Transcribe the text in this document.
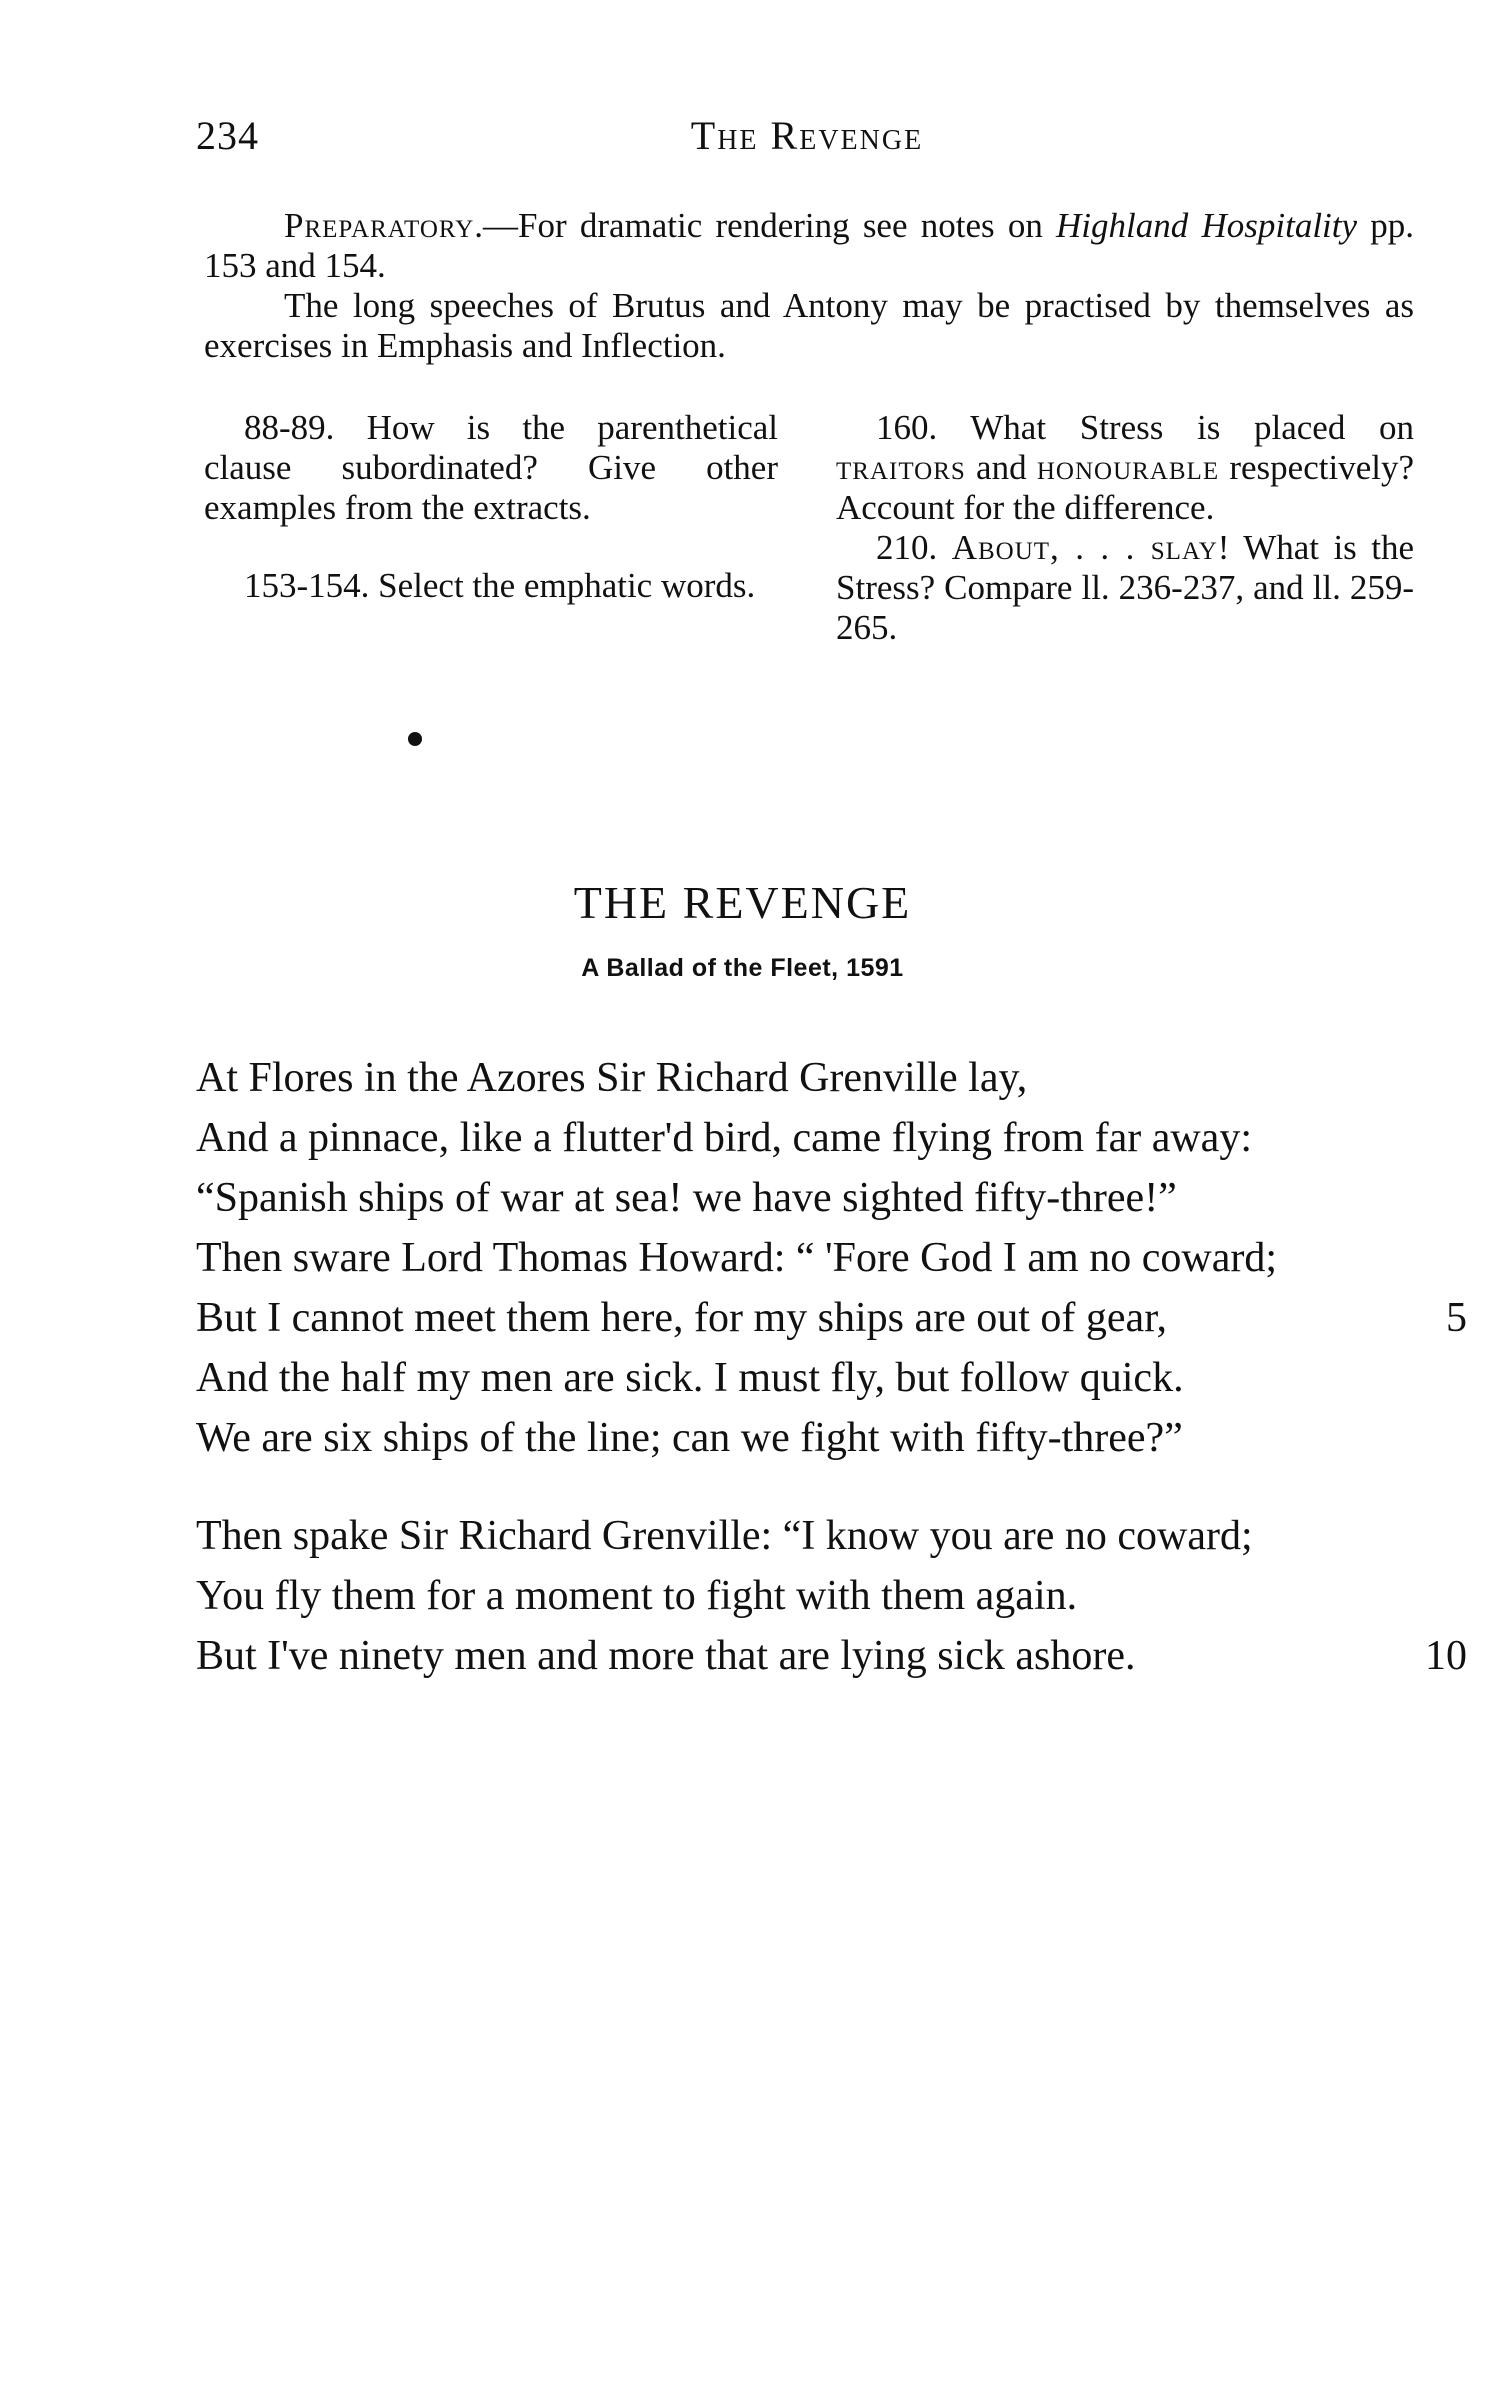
234	The Revenge

Preparatory.—For dramatic rendering see notes on Highland Hospitality pp. 153 and 154.

The long speeches of Brutus and Antony may be practised by themselves as exercises in Emphasis and Inflection.

88-89. How is the parenthetical clause subordinated? Give other examples from the extracts.

153-154. Select the emphatic words.

160. What Stress is placed on traitors and honourable respectively? Account for the difference.

210. About, . . . slay! What is the Stress? Compare ll. 236-237, and ll. 259-265.

THE REVENGE
A Ballad of the Fleet, 1591
At Flores in the Azores Sir Richard Grenville lay,
And a pinnace, like a flutter'd bird, came flying from far away:
“Spanish ships of war at sea! we have sighted fifty-three!”
Then sware Lord Thomas Howard: “ 'Fore God I am no coward;
5
But I cannot meet them here, for my ships are out of gear,
And the half my men are sick. I must fly, but follow quick.
We are six ships of the line; can we fight with fifty-three?”
Then spake Sir Richard Grenville: “I know you are no coward;
You fly them for a moment to fight with them again.
10
But I've ninety men and more that are lying sick ashore.
